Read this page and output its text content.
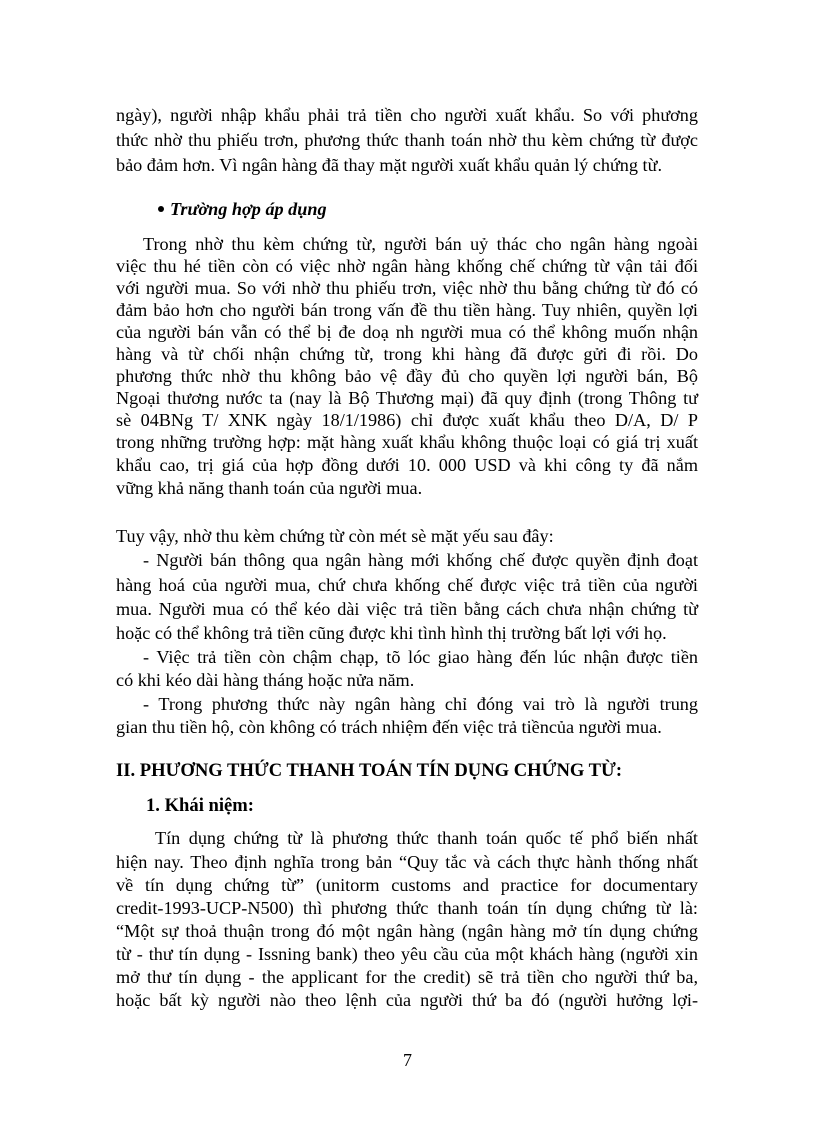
ngày), người nhập khẩu phải trả tiền cho người xuất khẩu. So với phương
thức nhờ thu phiếu trơn, phương thức thanh toán nhờ thu kèm chứng từ được
bảo đảm hơn. Vì ngân hàng đã thay mặt người xuất khẩu quản lý chứng từ.
Trường hợp áp dụng
Trong nhờ thu kèm chứng từ, người bán uỷ thác cho ngân hàng ngoài
việc thu hé tiền còn có việc nhờ ngân hàng khống chế chứng từ vận tải đối
với người mua. So với nhờ thu phiếu trơn, việc nhờ thu bằng chứng từ đó có
đảm bảo hơn cho người bán trong vấn đề thu tiền hàng. Tuy nhiên, quyền lợi
của người bán vẫn có thể bị đe doạ nh người mua có thể không muốn nhận
hàng và từ chối nhận chứng từ, trong khi hàng đã được gửi đi rồi. Do
phương thức nhờ thu không bảo vệ đầy đủ cho quyền lợi người bán, Bộ
Ngoại thương nước ta (nay là Bộ Thương mại) đã quy định (trong Thông tư
sè 04BNg T/ XNK ngày 18/1/1986) chỉ được xuất khẩu theo D/A, D/ P
trong những trường hợp: mặt hàng xuất khẩu không thuộc loại có giá trị xuất
khẩu cao, trị giá của hợp đồng dưới 10. 000 USD và khi công ty đã nắm
vững khả năng thanh toán của người mua.
Tuy vậy, nhờ thu kèm chứng từ còn mét sè mặt yếu sau đây:
- Người bán thông qua ngân hàng mới khống chế được quyền định đoạt
hàng hoá của người mua, chứ chưa khống chế được việc trả tiền của người
mua. Người mua có thể kéo dài việc trả tiền bằng cách chưa nhận chứng từ
hoặc có thể không trả tiền cũng được khi tình hình thị trường bất lợi với họ.
- Việc trả tiền còn chậm chạp, tõ lóc giao hàng đến lúc nhận được tiền
có khi kéo dài hàng tháng hoặc nửa năm.
- Trong phương thức này ngân hàng chỉ đóng vai trò là người trung
gian thu tiền hộ, còn không có trách nhiệm đến việc trả tiềncủa người mua.
II. PHƯƠNG THỨC THANH TOÁN TÍN DỤNG CHỨNG TỪ:
1. Khái niệm:
Tín dụng chứng từ là phương thức thanh toán quốc tế phổ biến nhất
hiện nay. Theo định nghĩa trong bản “Quy tắc và cách thực hành thống nhất
về tín dụng chứng từ” (unitorm customs and practice for documentary
credit-1993-UCP-N500) thì phương thức thanh toán tín dụng chứng từ là:
“Một sự thoả thuận trong đó một ngân hàng (ngân hàng mở tín dụng chứng
từ - thư tín dụng - Issning bank) theo yêu cầu của một khách hàng (người xin
mở thư tín dụng - the applicant for the credit) sẽ trả tiền cho người thứ ba,
hoặc bất kỳ người nào theo lệnh của người thứ ba đó (người hưởng lợi-
7
